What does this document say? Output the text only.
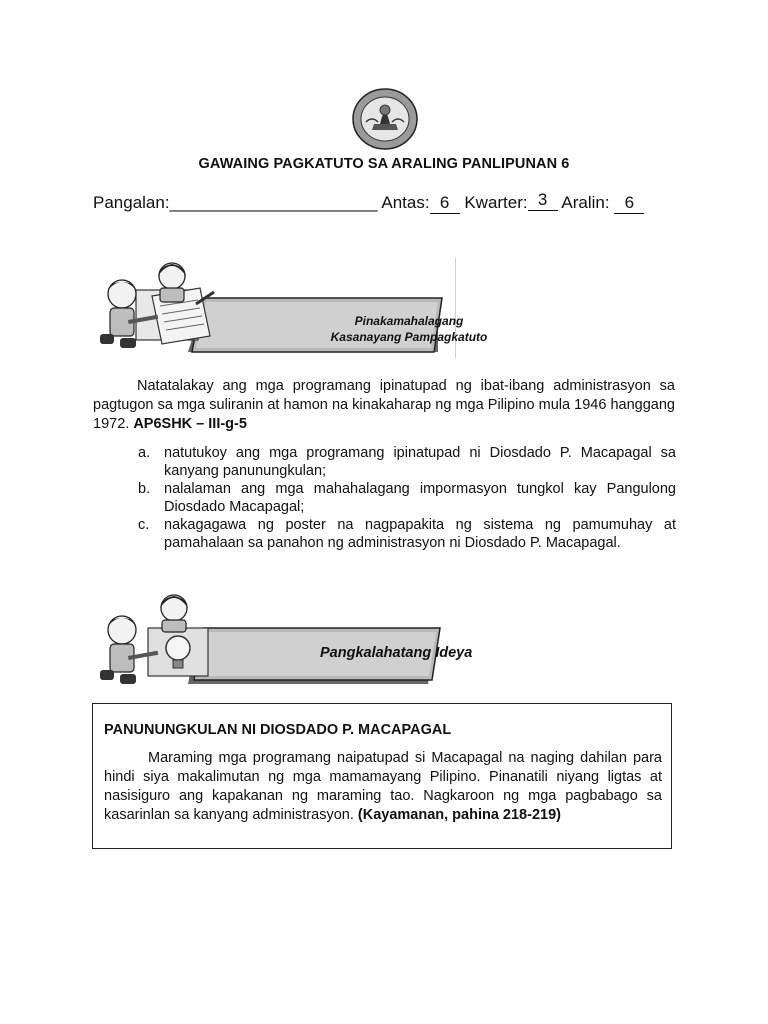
GAWAING PAGKATUTO SA ARALING PANLIPUNAN 6
Pangalan:______________________ Antas: 6 Kwarter: 3 Aralin: 6
Pinakamahalagang
Kasanayang Pampagkatuto
Natatalakay ang mga programang ipinatupad ng ibat-ibang administrasyon sa pagtugon sa mga suliranin at hamon na kinakaharap ng mga Pilipino mula 1946 hanggang 1972. AP6SHK – III-g-5
a. natutukoy ang mga programang ipinatupad ni Diosdado P. Macapagal sa kanyang panunungkulan;
b. nalalaman ang mga mahahalagang impormasyon tungkol kay Pangulong Diosdado Macapagal;
c. nakagagawa ng poster na nagpapakita ng sistema ng pamumuhay at pamahalaan sa panahon ng administrasyon ni Diosdado P. Macapagal.
Pangkalahatang Ideya
PANUNUNGKULAN NI DIOSDADO P. MACAPAGAL
Maraming mga programang naipatupad si Macapagal na naging dahilan para hindi siya makalimutan ng mga mamamayang Pilipino. Pinanatili niyang ligtas at nasisiguro ang kapakanan ng maraming tao. Nagkaroon ng mga pagbabago sa kasarinlan sa kanyang administrasyon. (Kayamanan, pahina 218-219)
